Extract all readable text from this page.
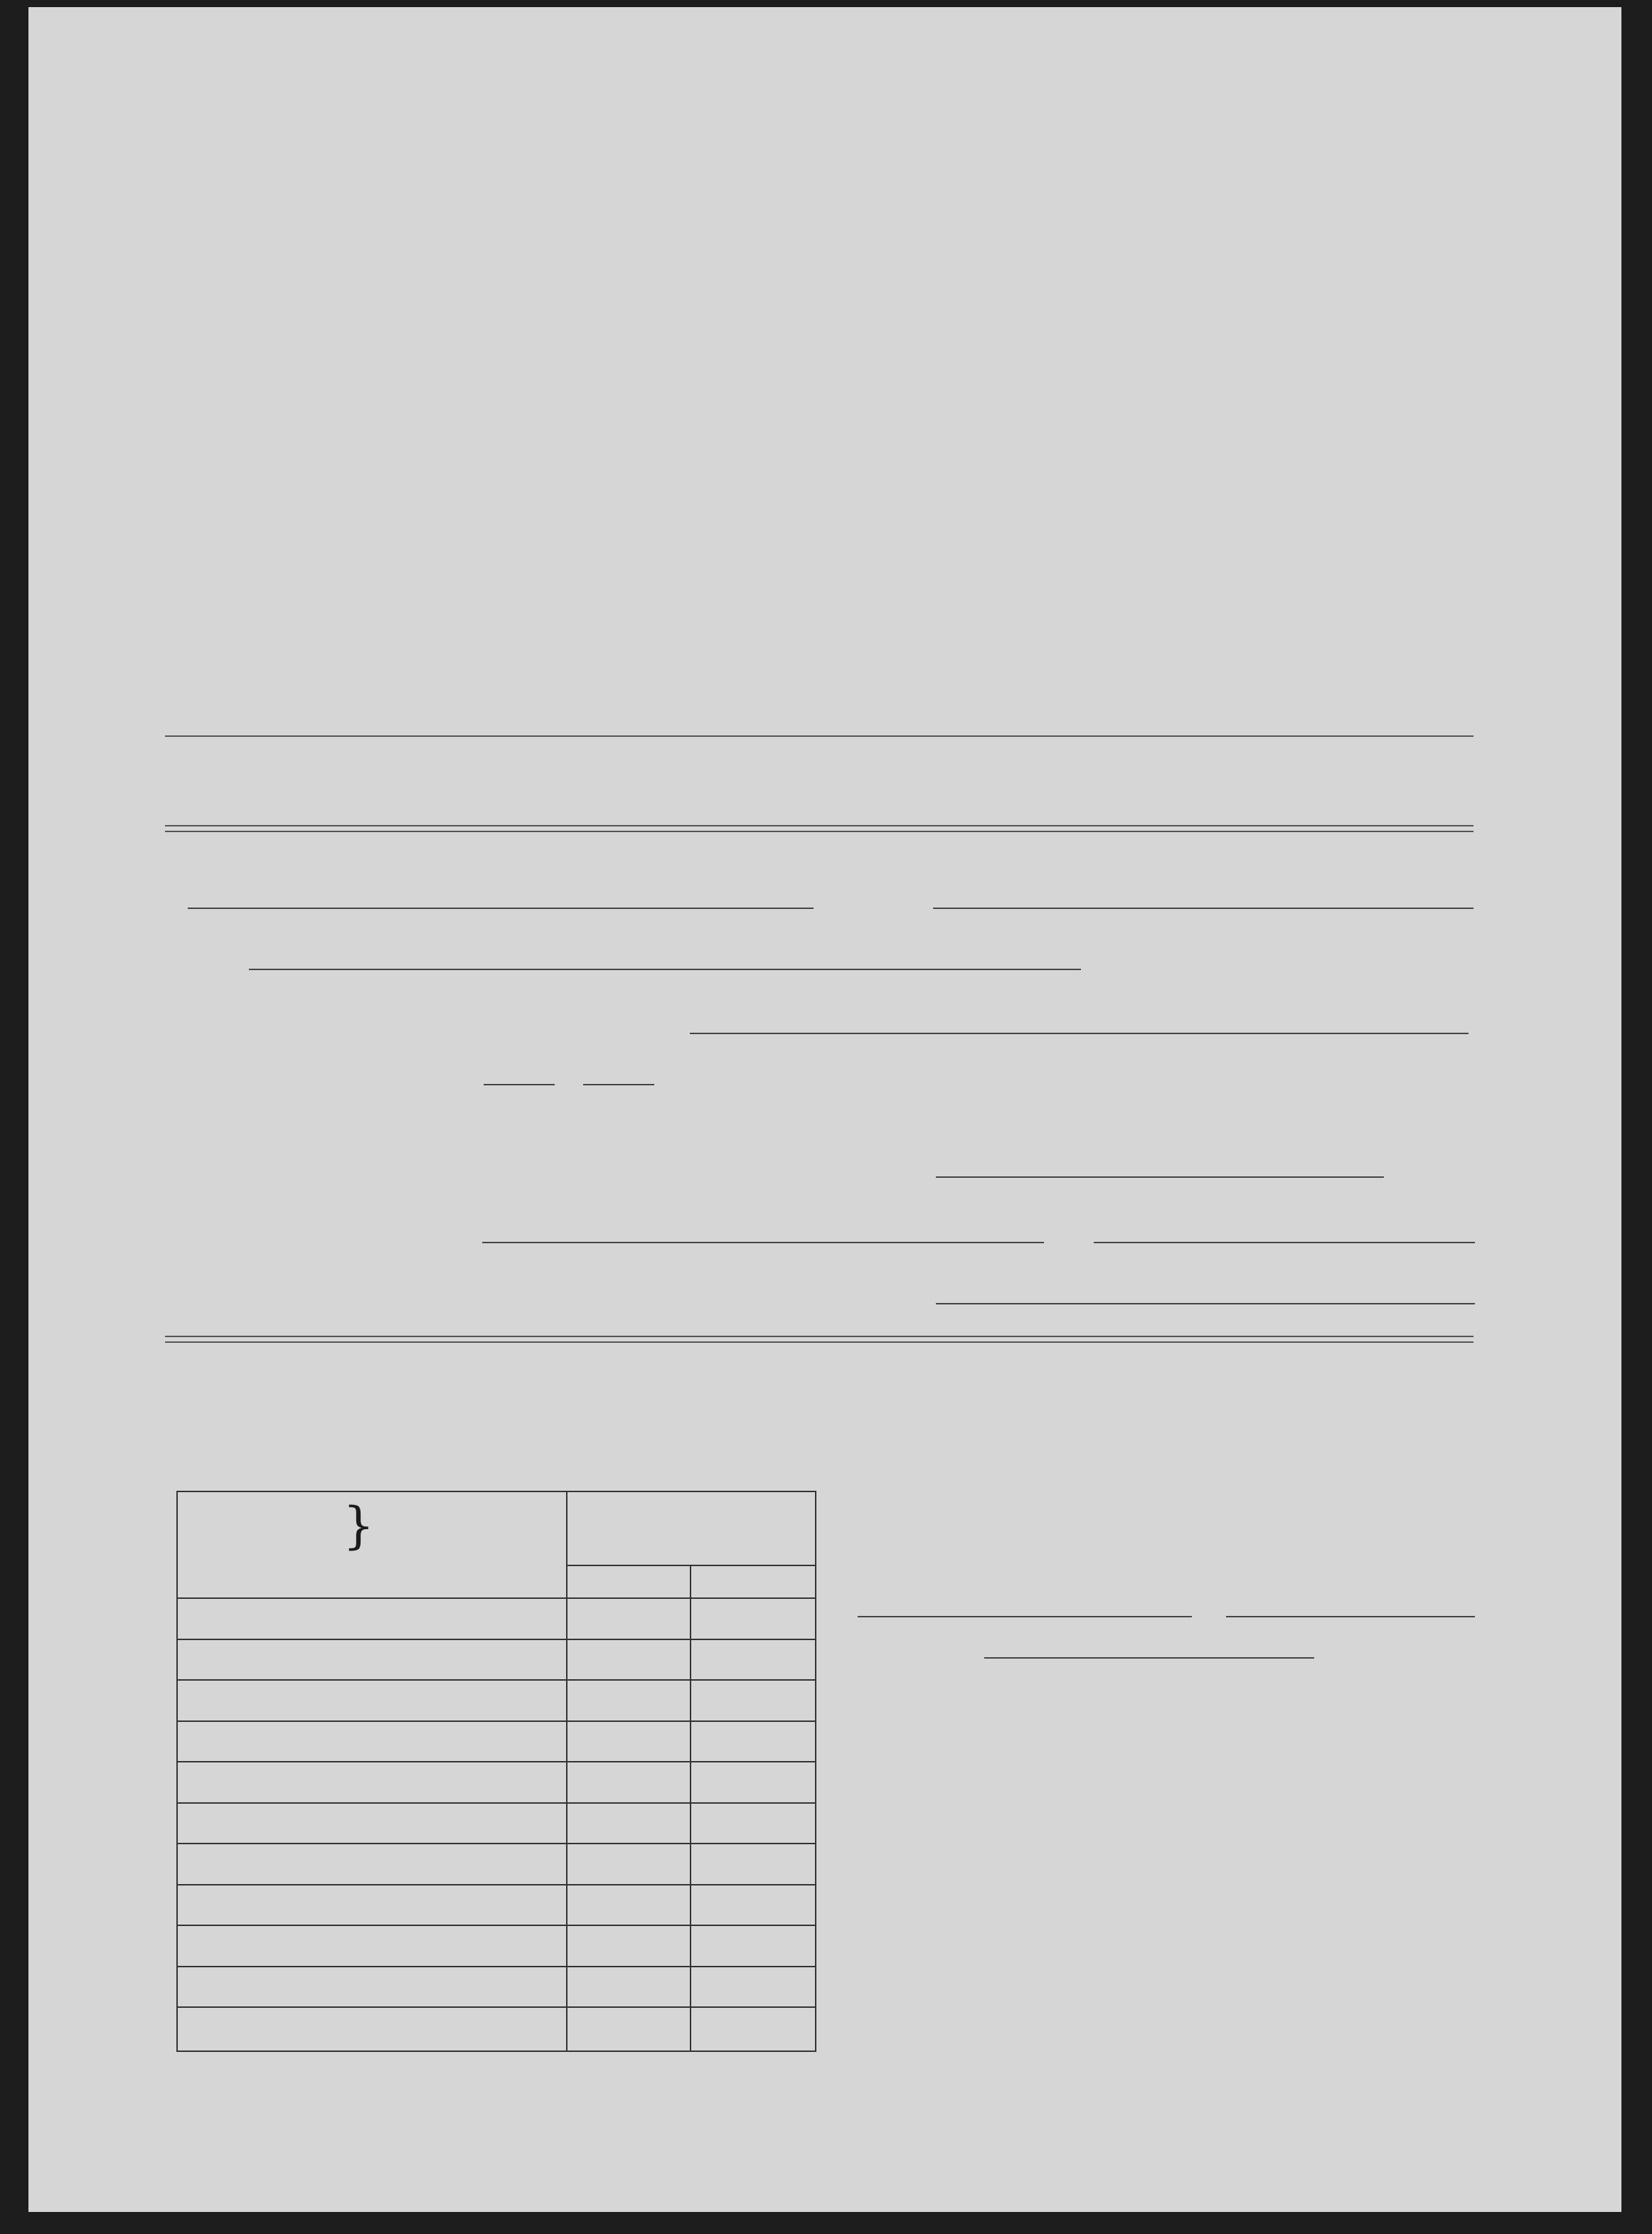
}		
